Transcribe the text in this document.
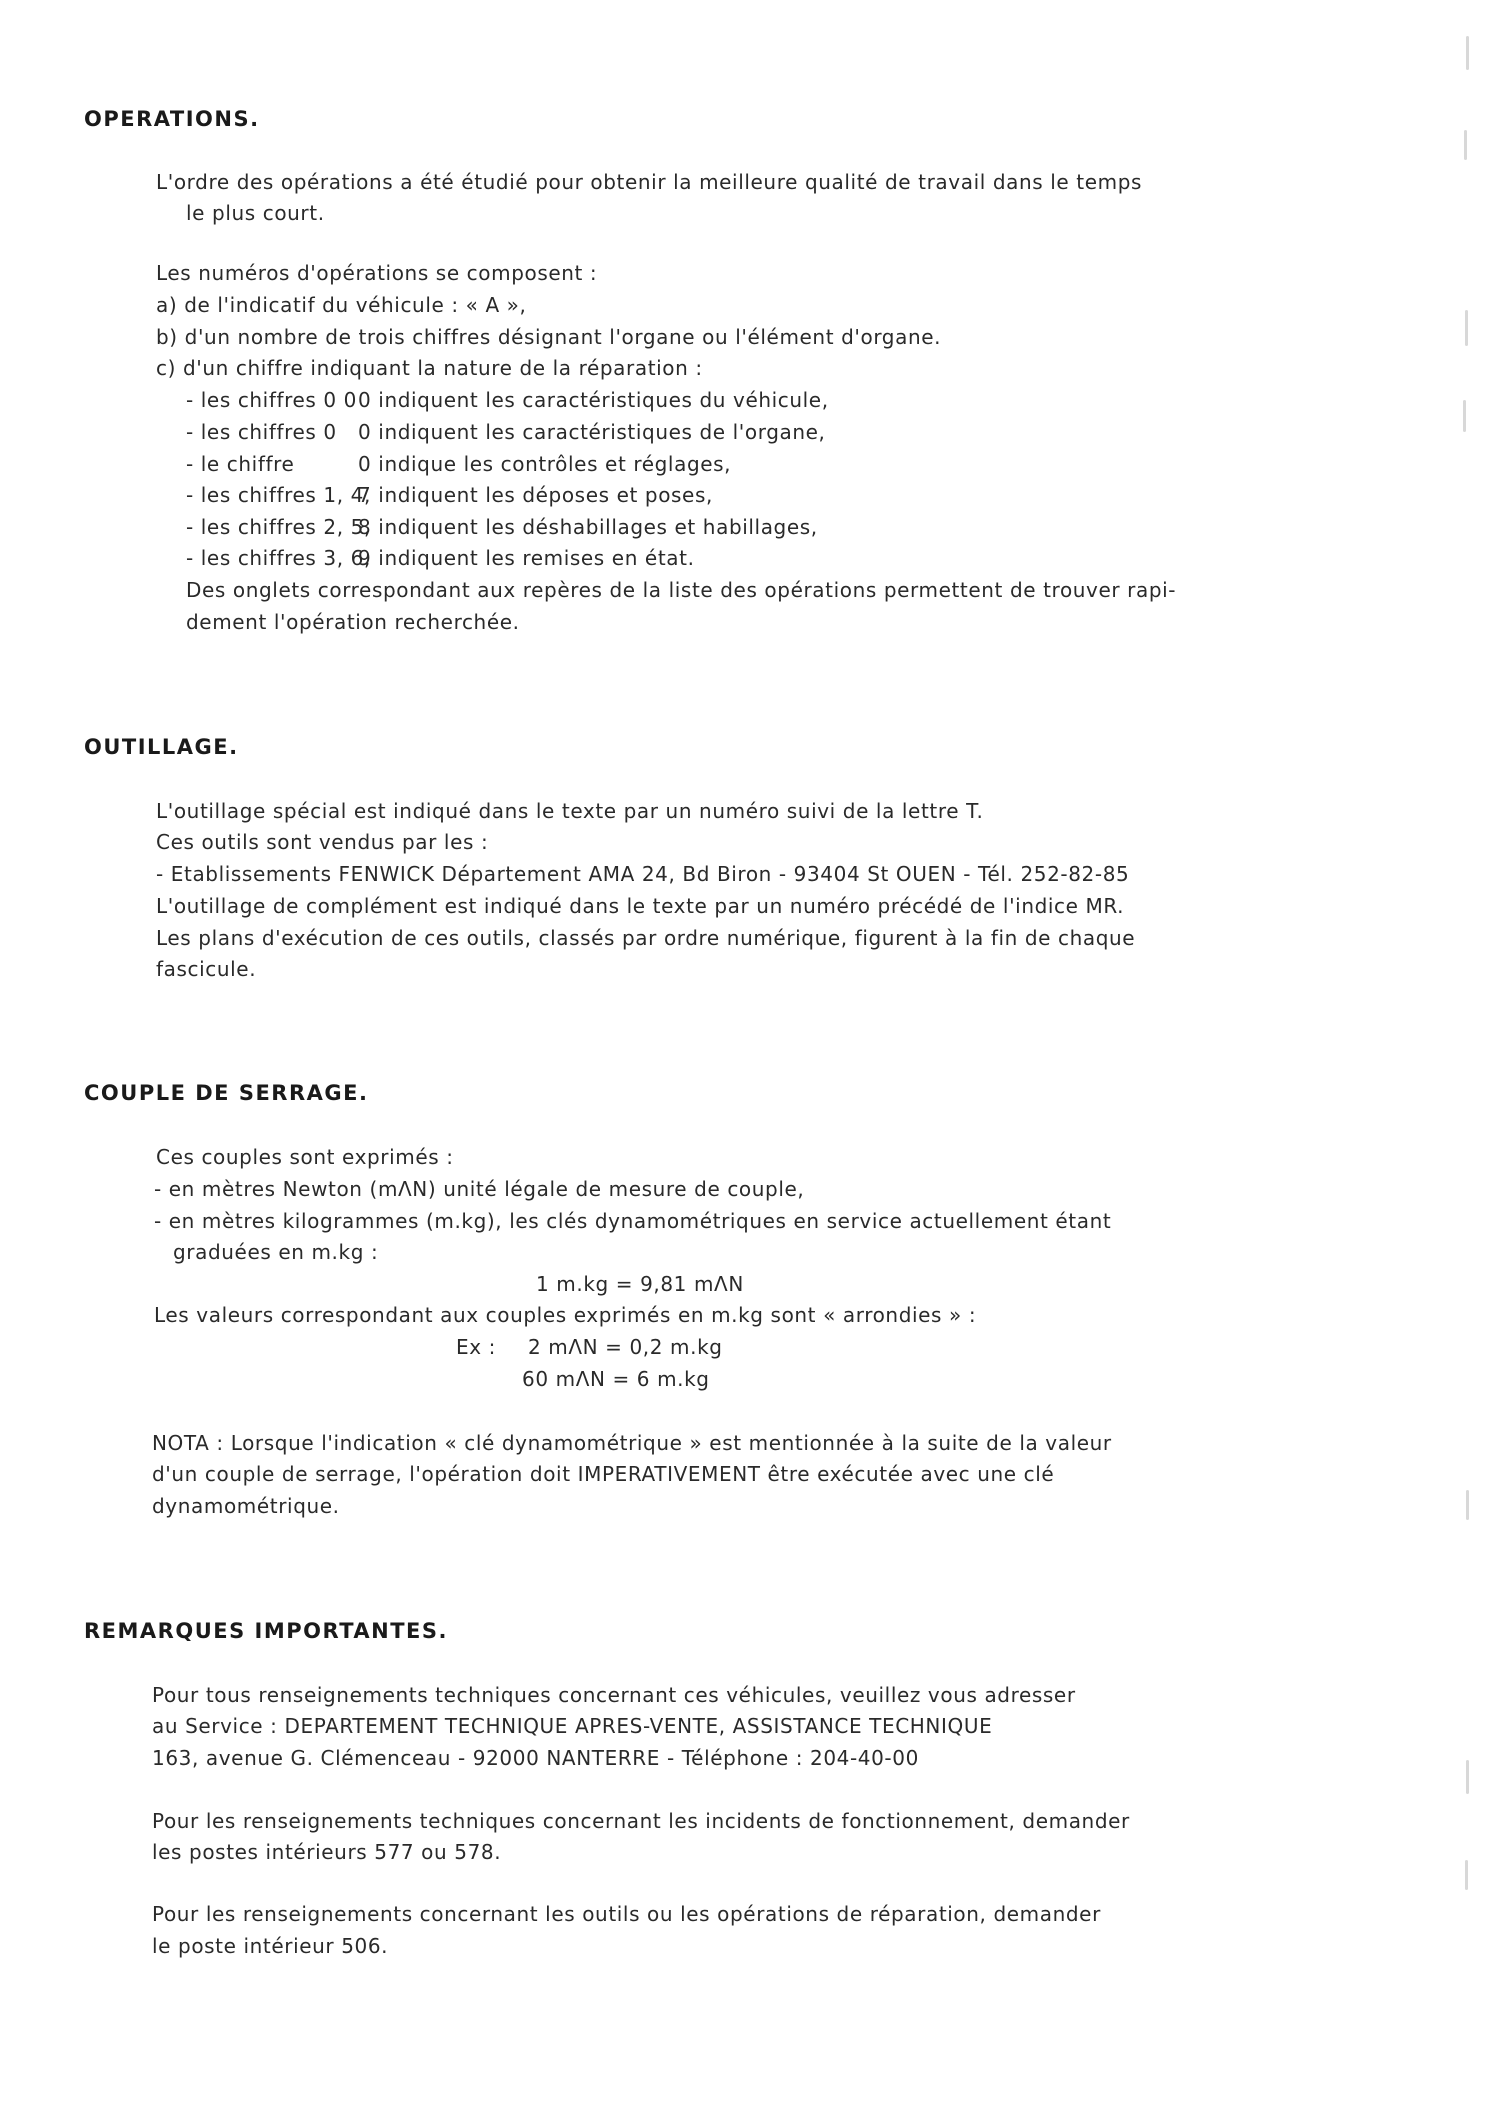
OPERATIONS.

L'ordre des opérations a été étudié pour obtenir la meilleure qualité de travail dans le temps

le plus court.

Les numéros d'opérations se composent :

a) de l'indicatif du véhicule : « A »,

b) d'un nombre de trois chiffres désignant l'organe ou l'élément d'organe.

c) d'un chiffre indiquant la nature de la réparation :

- les chiffres 0 00 indiquent les caractéristiques du véhicule,

- les chiffres 0 0 indiquent les caractéristiques de l'organe,

- le chiffre	0 indique les contrôles et réglages,

- les chiffres 1, 4,7 indiquent les déposes et poses,

- les chiffres 2, 5,8 indiquent les déshabillages et habillages,

- les chiffres 3, 6,9 indiquent les remises en état.

Des onglets correspondant aux repères de la liste des opérations permettent de trouver rapi-

dement l'opération recherchée.

OUTILLAGE.

L'outillage spécial est indiqué dans le texte par un numéro suivi de la lettre T.

Ces outils sont vendus par les :

- Etablissements FENWICK Département AMA 24, Bd Biron - 93404 St OUEN - Tél. 252-82-85

L'outillage de complément est indiqué dans le texte par un numéro précédé de l'indice MR.

Les plans d'exécution de ces outils, classés par ordre numérique, figurent à la fin de chaque

fascicule.

COUPLE DE SERRAGE.

Ces couples sont exprimés :

- en mètres Newton (mΛN) unité légale de mesure de couple,

- en mètres kilogrammes (m.kg), les clés dynamométriques en service actuellement étant

graduées en m.kg :

1 m.kg = 9,81 mΛN

Les valeurs correspondant aux couples exprimés en m.kg sont « arrondies » :

Ex : 2 mΛN = 0,2 m.kg

60 mΛN = 6 m.kg

NOTA : Lorsque l'indication « clé dynamométrique » est mentionnée à la suite de la valeur

d'un couple de serrage, l'opération doit IMPERATIVEMENT être exécutée avec une clé

dynamométrique.

REMARQUES IMPORTANTES.

Pour tous renseignements techniques concernant ces véhicules, veuillez vous adresser

au Service : DEPARTEMENT TECHNIQUE APRES-VENTE, ASSISTANCE TECHNIQUE

163, avenue G. Clémenceau - 92000 NANTERRE - Téléphone : 204-40-00

Pour les renseignements techniques concernant les incidents de fonctionnement, demander

les postes intérieurs 577 ou 578.

Pour les renseignements concernant les outils ou les opérations de réparation, demander

le poste intérieur 506.
